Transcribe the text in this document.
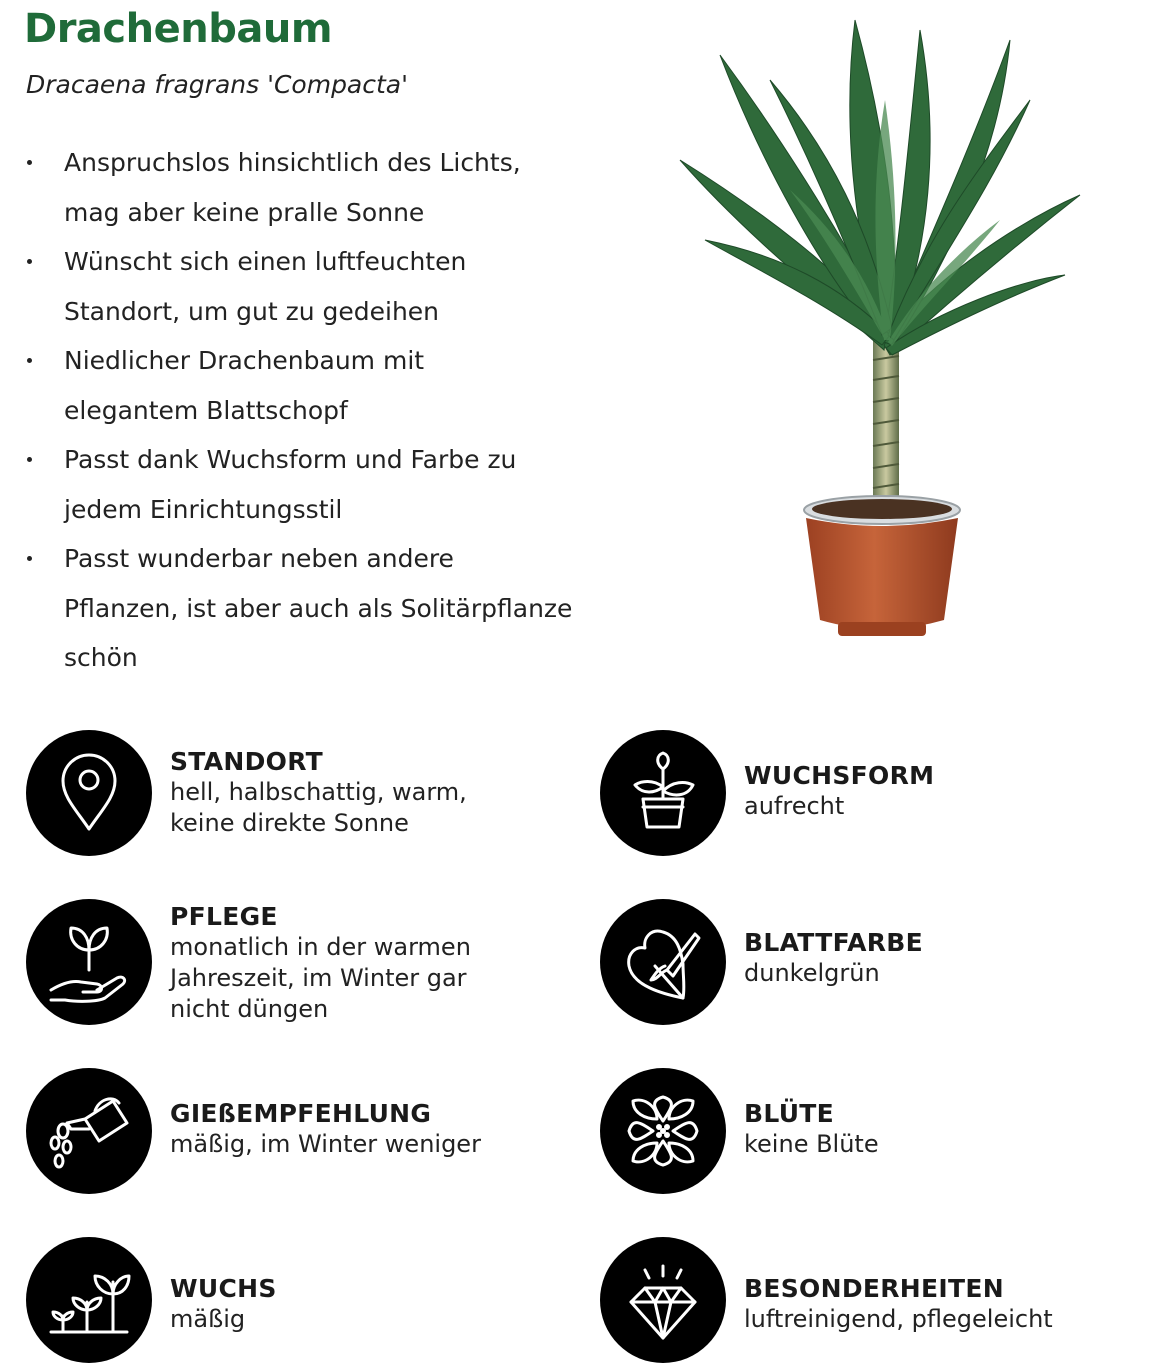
Drachenbaum
Dracaena fragrans 'Compacta'
Anspruchslos hinsichtlich des Lichts, mag aber keine pralle Sonne
Wünscht sich einen luftfeuchten Standort, um gut zu gedeihen
Niedlicher Drachenbaum mit elegantem Blattschopf
Passt dank Wuchsform und Farbe zu jedem Einrichtungsstil
Passt wunderbar neben andere Pflanzen, ist aber auch als Solitärpflanze schön
STANDORT
hell, halbschattig, warm,
keine direkte Sonne
WUCHSFORM
aufrecht
PFLEGE
monatlich in der warmen
Jahreszeit, im Winter gar
nicht düngen
BLATTFARBE
dunkelgrün
GIEßEMPFEHLUNG
mäßig, im Winter weniger
BLÜTE
keine Blüte
WUCHS
mäßig
BESONDERHEITEN
luftreinigend, pflegeleicht
